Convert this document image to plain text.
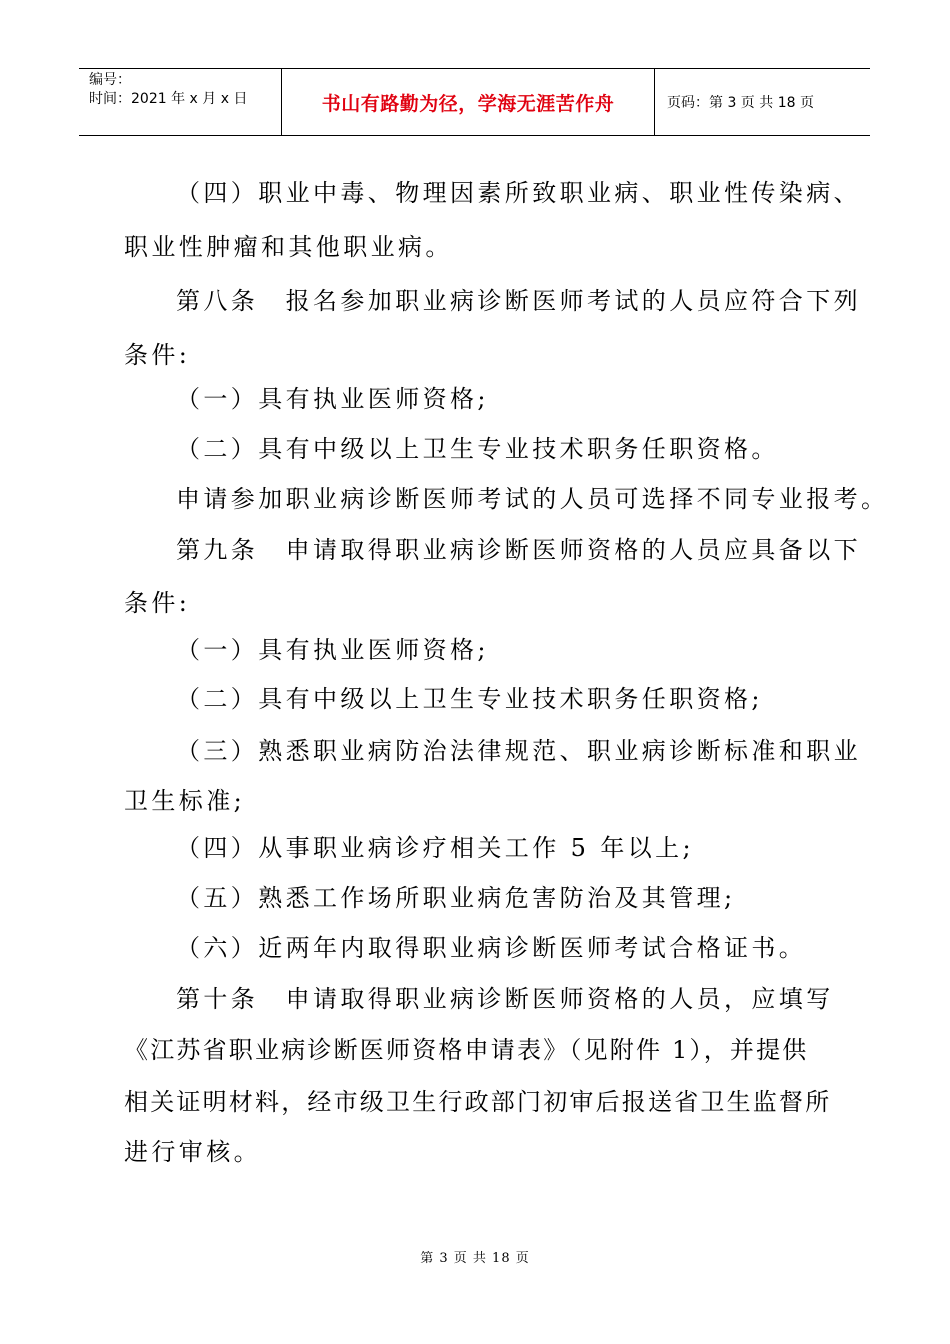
编号：
时间：2021 年 x 月 x 日	书山有路勤为径，学海无涯苦作舟	页码：第 3 页 共 18 页
（四）职业中毒、物理因素所致职业病、职业性传染病、
职业性肿瘤和其他职业病。
第八条　报名参加职业病诊断医师考试的人员应符合下列
条件:
（一）具有执业医师资格;
（二）具有中级以上卫生专业技术职务任职资格。
申请参加职业病诊断医师考试的人员可选择不同专业报考。
第九条　申请取得职业病诊断医师资格的人员应具备以下
条件:
（一）具有执业医师资格;
（二）具有中级以上卫生专业技术职务任职资格;
（三）熟悉职业病防治法律规范、职业病诊断标准和职业
卫生标准;
（四）从事职业病诊疗相关工作 5 年以上;
（五）熟悉工作场所职业病危害防治及其管理;
（六）近两年内取得职业病诊断医师考试合格证书。
第十条　申请取得职业病诊断医师资格的人员，应填写
《江苏省职业病诊断医师资格申请表》（见附件 1），并提供
相关证明材料，经市级卫生行政部门初审后报送省卫生监督所
进行审核。
第 3 页 共 18 页
